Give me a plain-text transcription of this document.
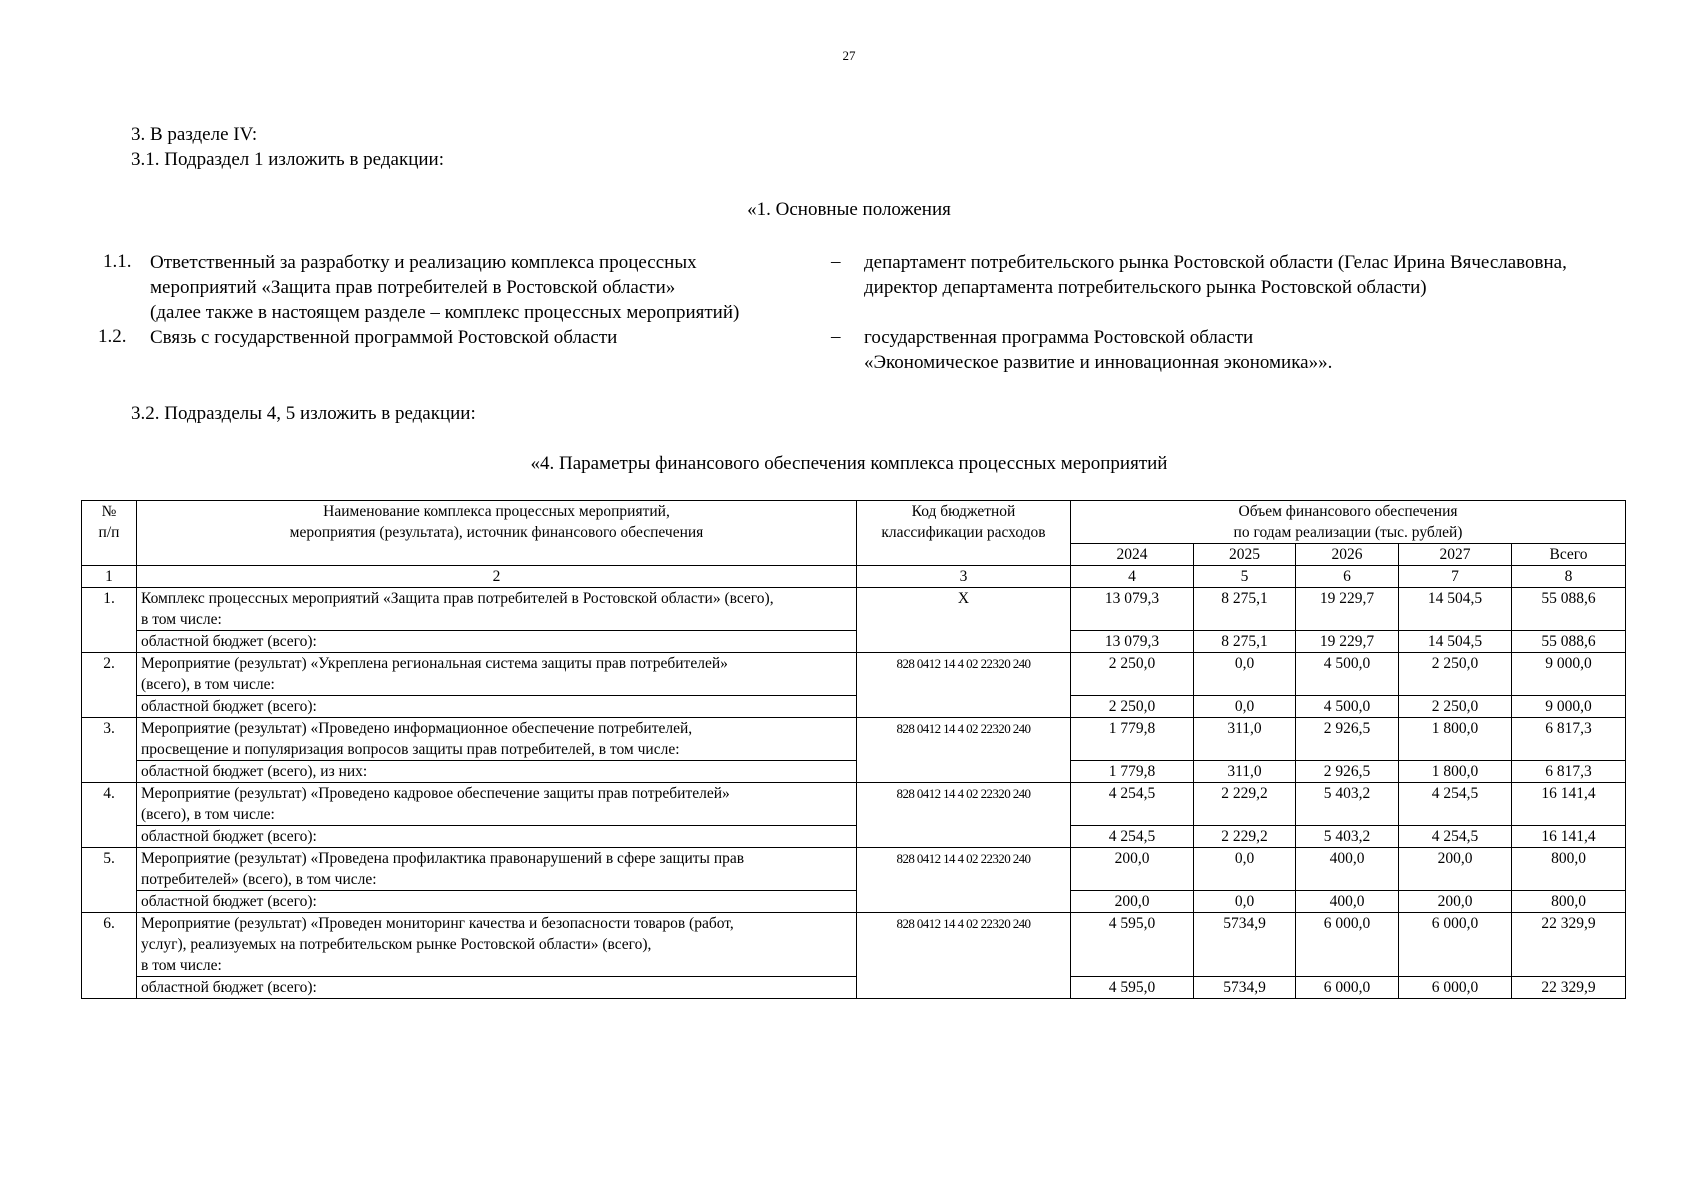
27
3. В разделе IV:
3.1. Подраздел 1 изложить в редакции:
«1. Основные положения
1.1. Ответственный за разработку и реализацию комплекса процессных
мероприятий «Защита прав потребителей в Ростовской области»
(далее также в настоящем разделе – комплекс процессных мероприятий)
– департамент потребительского рынка Ростовской области (Гелас Ирина Вячеславовна,
директор департамента потребительского рынка Ростовской области)
1.2. Связь с государственной программой Ростовской области	– государственная программа Ростовской области
«Экономическое развитие и инновационная экономика»».
3.2. Подразделы 4, 5 изложить в редакции:
«4. Параметры финансового обеспечения комплекса процессных мероприятий
№
п/п	Наименование комплекса процессных мероприятий,
мероприятия (результата), источник финансового обеспечения	Код бюджетной
классификации расходов	Объем финансового обеспечения
по годам реализации (тыс. рублей)				
			2024	2025	2026	2027	Всего
1	2	3	4	5	6	7	8
1.	Комплекс процессных мероприятий «Защита прав потребителей в Ростовской области» (всего),
в том числе:	Х	13 079,3	8 275,1	19 229,7	14 504,5	55 088,6
	областной бюджет (всего):		13 079,3	8 275,1	19 229,7	14 504,5	55 088,6
2.	Мероприятие (результат) «Укреплена региональная система защиты прав потребителей»
(всего), в том числе:	828 0412 14 4 02 22320 240	2 250,0	0,0	4 500,0	2 250,0	9 000,0
	областной бюджет (всего):		2 250,0	0,0	4 500,0	2 250,0	9 000,0
3.	Мероприятие (результат) «Проведено информационное обеспечение потребителей,
просвещение и популяризация вопросов защиты прав потребителей, в том числе:	828 0412 14 4 02 22320 240	1 779,8	311,0	2 926,5	1 800,0	6 817,3
	областной бюджет (всего), из них:		1 779,8	311,0	2 926,5	1 800,0	6 817,3
4.	Мероприятие (результат) «Проведено кадровое обеспечение защиты прав потребителей»
(всего), в том числе:	828 0412 14 4 02 22320 240	4 254,5	2 229,2	5 403,2	4 254,5	16 141,4
	областной бюджет (всего):		4 254,5	2 229,2	5 403,2	4 254,5	16 141,4
5.	Мероприятие (результат) «Проведена профилактика правонарушений в сфере защиты прав
потребителей» (всего), в том числе:	828 0412 14 4 02 22320 240	200,0	0,0	400,0	200,0	800,0
	областной бюджет (всего):		200,0	0,0	400,0	200,0	800,0
6.	Мероприятие (результат) «Проведен мониторинг качества и безопасности товаров (работ,
услуг), реализуемых на потребительском рынке Ростовской области» (всего),
в том числе:	828 0412 14 4 02 22320 240	4 595,0	5734,9	6 000,0	6 000,0	22 329,9
	областной бюджет (всего):		4 595,0	5734,9	6 000,0	6 000,0	22 329,9
